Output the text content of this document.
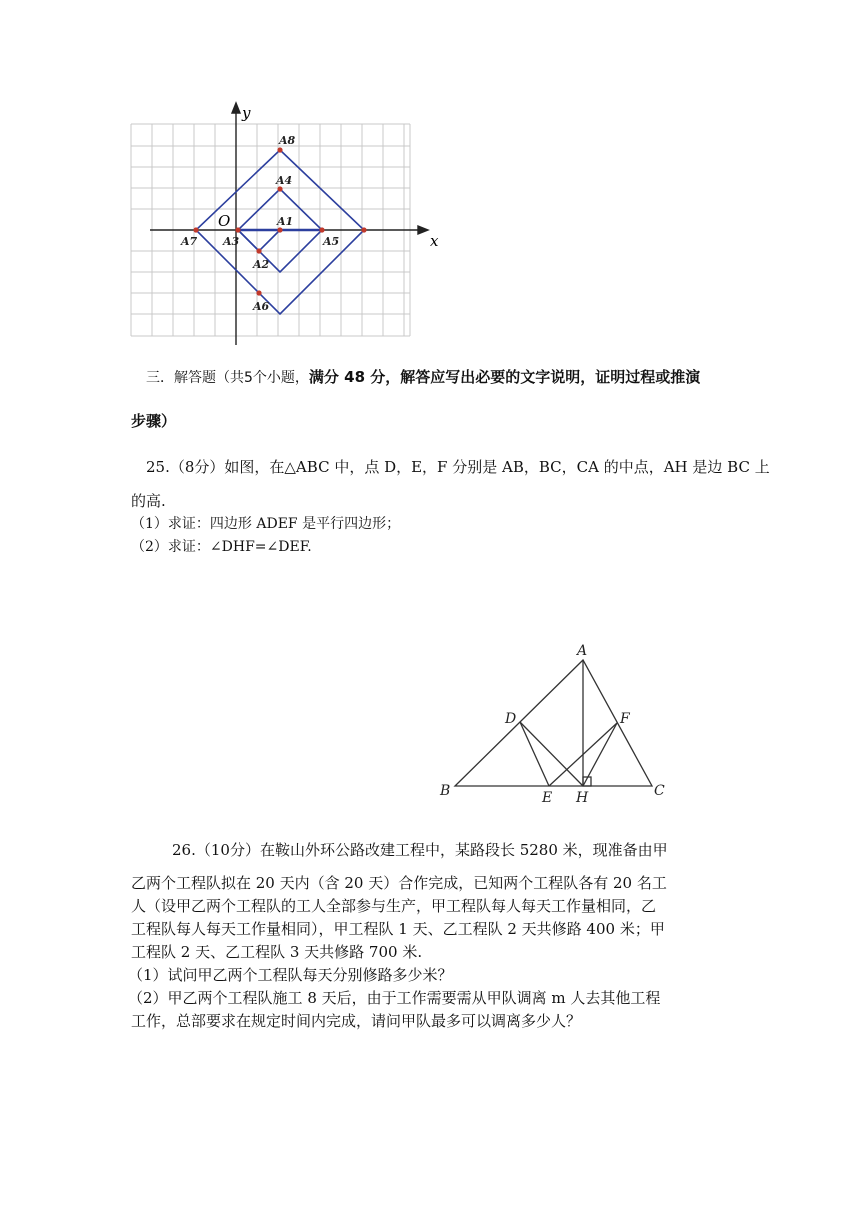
x
y
O
A8
A4
A1
A7 A3	A5
A2
A6
三．解答题（共5个小题，满分 48 分，解答应写出必要的文字说明，证明过程或推演
步骤）
25.（8分）如图，在△ABC 中，点 D，E，F 分别是 AB，BC，CA 的中点，AH 是边 BC 上
的高.
（1）求证：四边形 ADEF 是平行四边形；
（2）求证：∠DHF=∠DEF.
A
D	F
B	E H	C
26.（10分）在鞍山外环公路改建工程中，某路段长 5280 米，现准备由甲
乙两个工程队拟在 20 天内（含 20 天）合作完成，已知两个工程队各有 20 名工
人（设甲乙两个工程队的工人全部参与生产，甲工程队每人每天工作量相同，乙
工程队每人每天工作量相同），甲工程队 1 天、乙工程队 2 天共修路 400 米；甲
工程队 2 天、乙工程队 3 天共修路 700 米.
（1）试问甲乙两个工程队每天分别修路多少米？
（2）甲乙两个工程队施工 8 天后，由于工作需要需从甲队调离 m 人去其他工程
工作，总部要求在规定时间内完成，请问甲队最多可以调离多少人？
